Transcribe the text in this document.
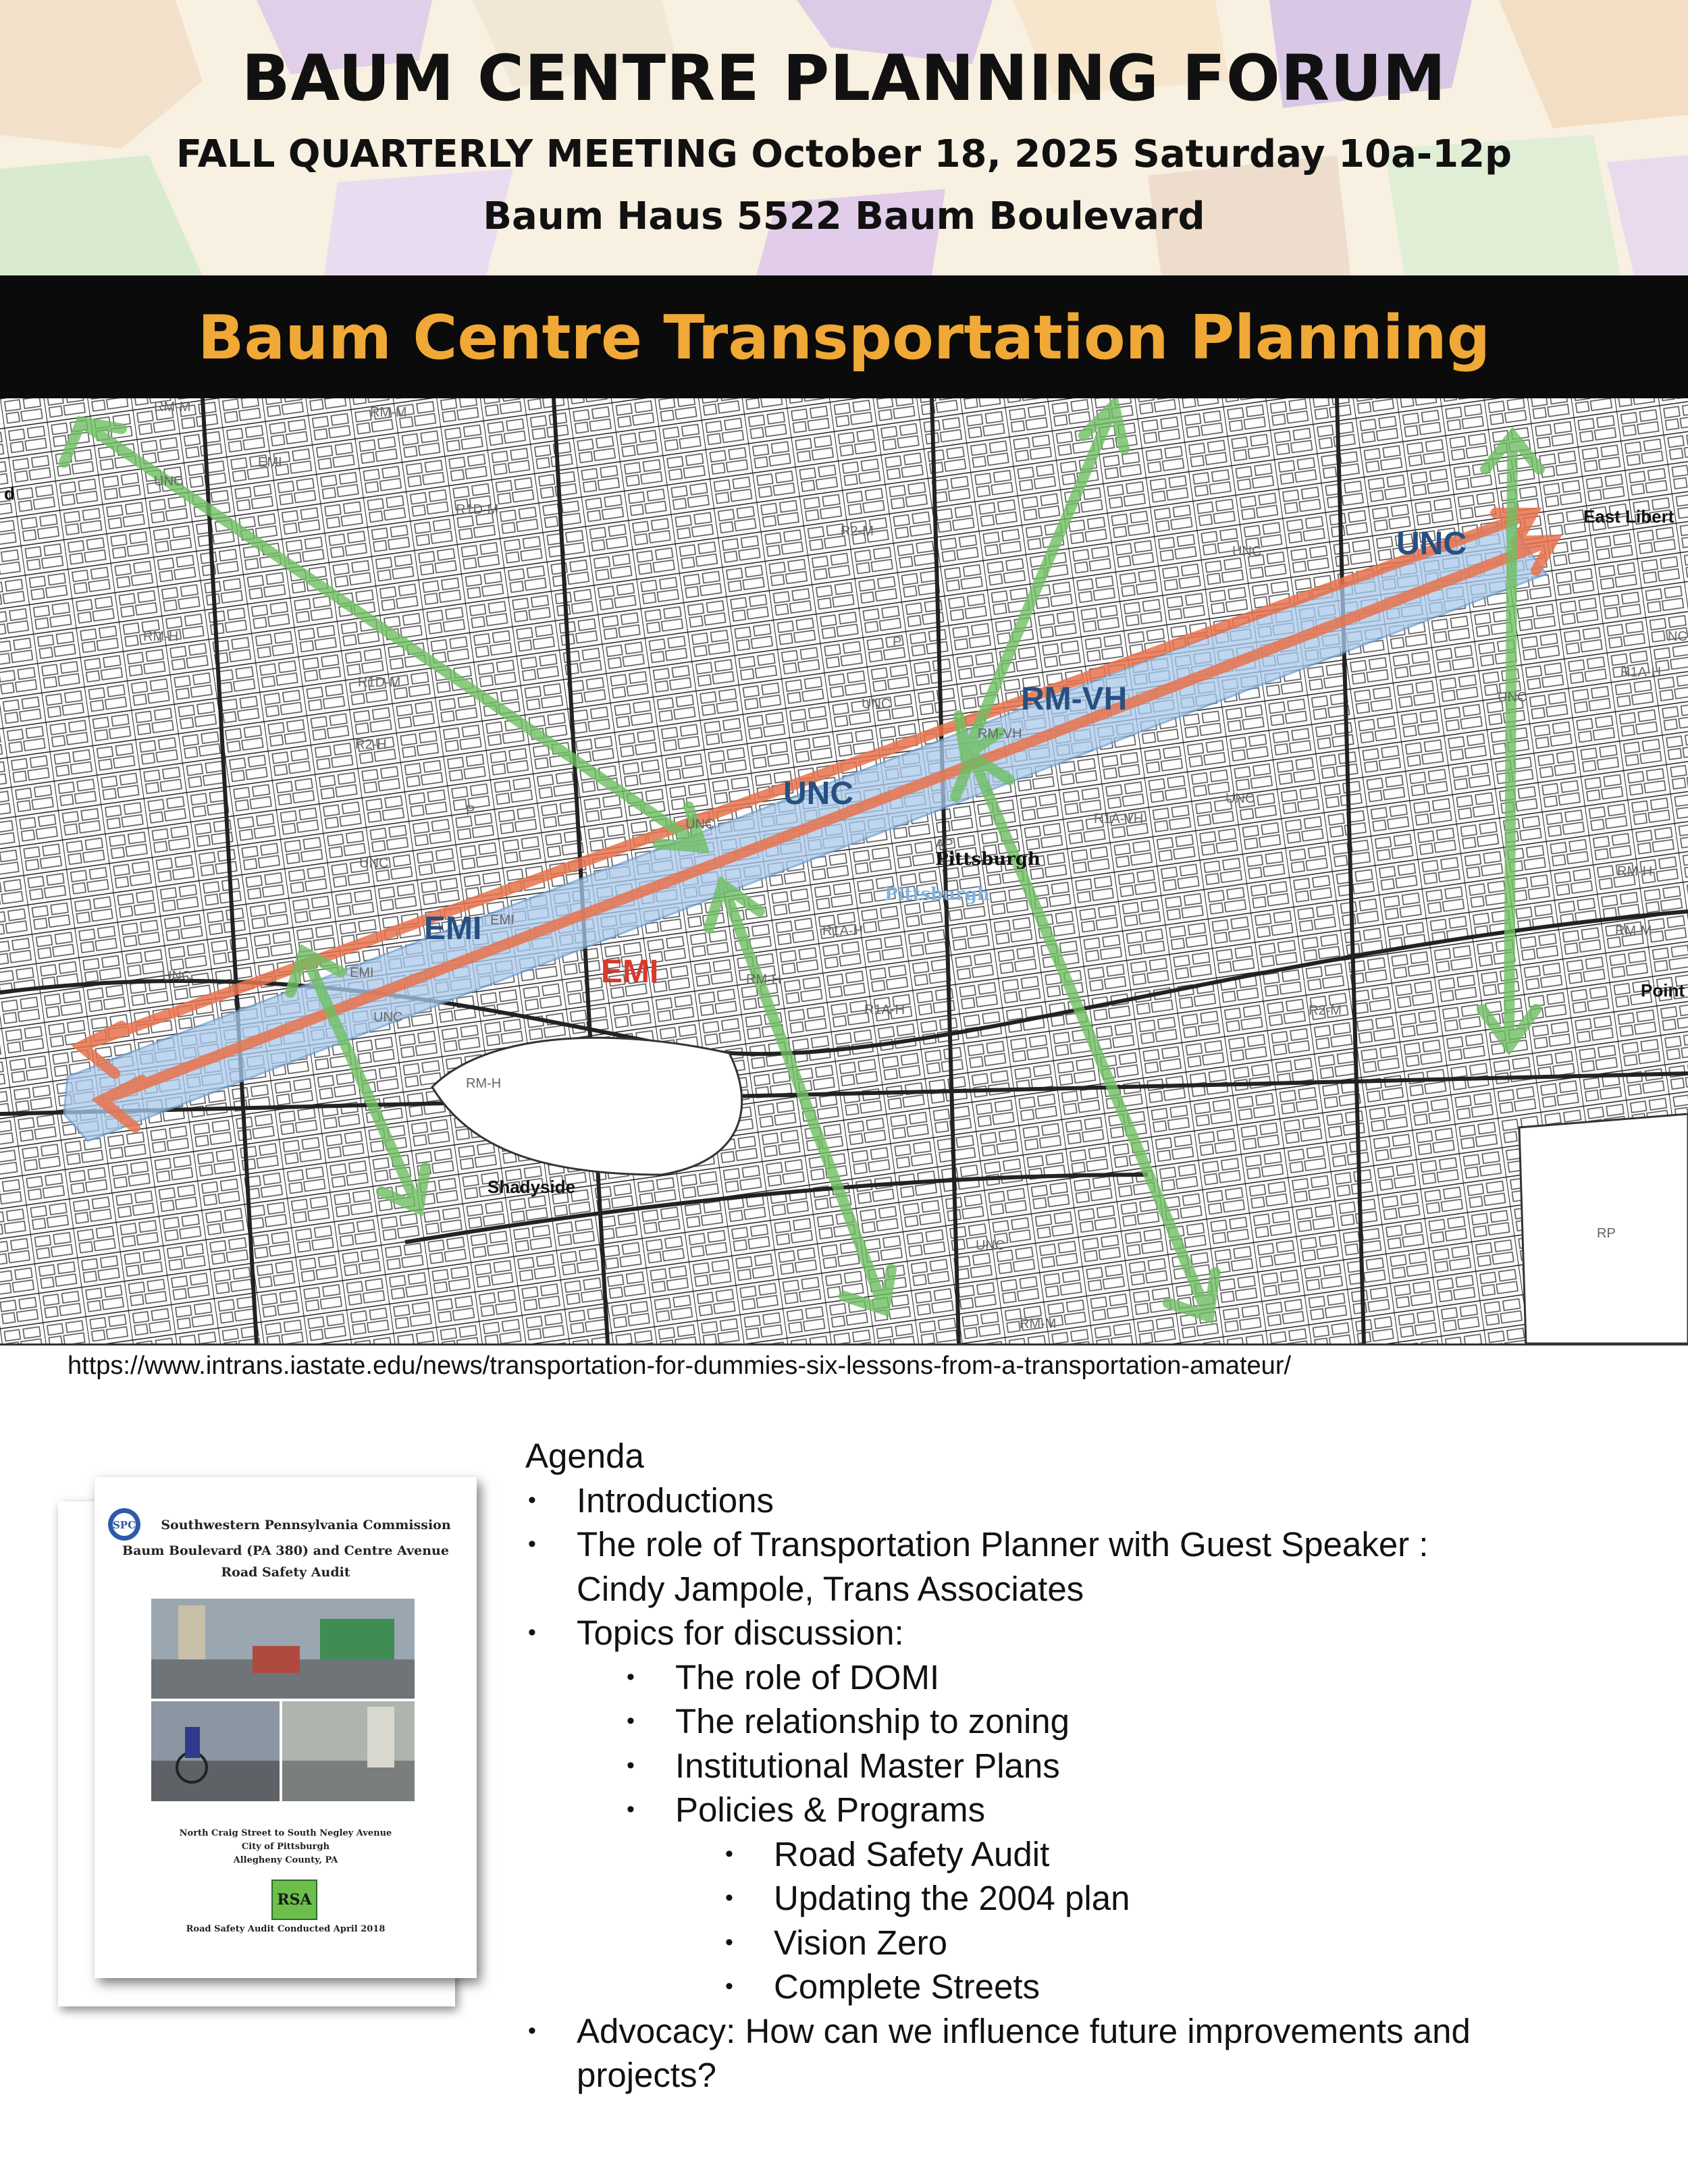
BAUM CENTRE PLANNING FORUM
FALL QUARTERLY MEETING October 18, 2025 Saturday 10a-12p
Baum Haus 5522 Baum Boulevard
Baum Centre Transportation Planning
UNC
RM-VH
UNC
EMI
EMI
Pittsburgh
Pittsburgh
Shadyside
East Libert
Point
d
RM-M	RM-M
EMI
UNC
R1D-M
R2-M
UNC
RM-H
R1D-M
R2-H
P
UNC
UNC
AP
R1A-VH
RM-H
UNC
EMI
R1A-H
UNC	RM-H
R1A-H
RM-M
RM-H
R2-M
UNC
RP
RM-M
R1A-H
NC
UNC
EMI
UNC
RM-VH
UNC
P
https://www.intrans.iastate.edu/news/transportation-for-dummies-six-lessons-from-a-transportation-amateur/
SPC	Southwestern Pennsylvania Commission
Baum Boulevard (PA 380) and Centre Avenue
Road Safety Audit
North Craig Street to South Negley Avenue
City of Pittsburgh
Allegheny County, PA
RSA
Road Safety Audit Conducted April 2018
Agenda
• Introductions
• The role of Transportation Planner with Guest Speaker :
Cindy Jampole, Trans Associates
• Topics for discussion:
• The role of DOMI
• The relationship to zoning
• Institutional Master Plans
• Policies & Programs
• Road Safety Audit
• Updating the 2004 plan
• Vision Zero
• Complete Streets
• Advocacy: How can we influence future improvements and
projects?
